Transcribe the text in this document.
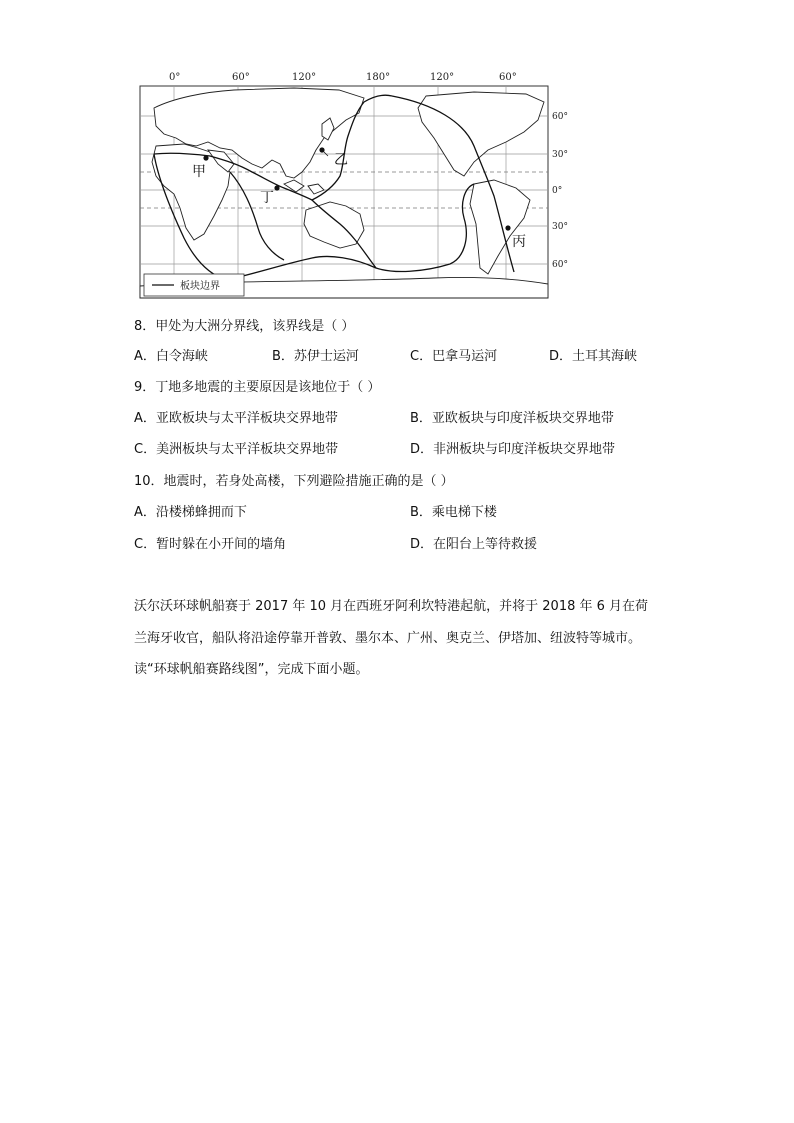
0°	60°	120°	180°	120°	60°
60°
30°
0°
30°
60°
甲
乙
丁
丙
板块边界
8．甲处为大洲分界线，该界线是（ ）
A．白令海峡	B．苏伊士运河	C．巴拿马运河	D．土耳其海峡
9．丁地多地震的主要原因是该地位于（ ）
A．亚欧板块与太平洋板块交界地带	B．亚欧板块与印度洋板块交界地带
C．美洲板块与太平洋板块交界地带	D．非洲板块与印度洋板块交界地带
10．地震时，若身处高楼，下列避险措施正确的是（ ）
A．沿楼梯蜂拥而下	B．乘电梯下楼
C．暂时躲在小开间的墙角	D．在阳台上等待救援
沃尔沃环球帆船赛于 2017 年 10 月在西班牙阿利坎特港起航，并将于 2018 年 6 月在荷
兰海牙收官，船队将沿途停靠开普敦、墨尔本、广州、奥克兰、伊塔加、纽波特等城市。
读“环球帆船赛路线图”，完成下面小题。
